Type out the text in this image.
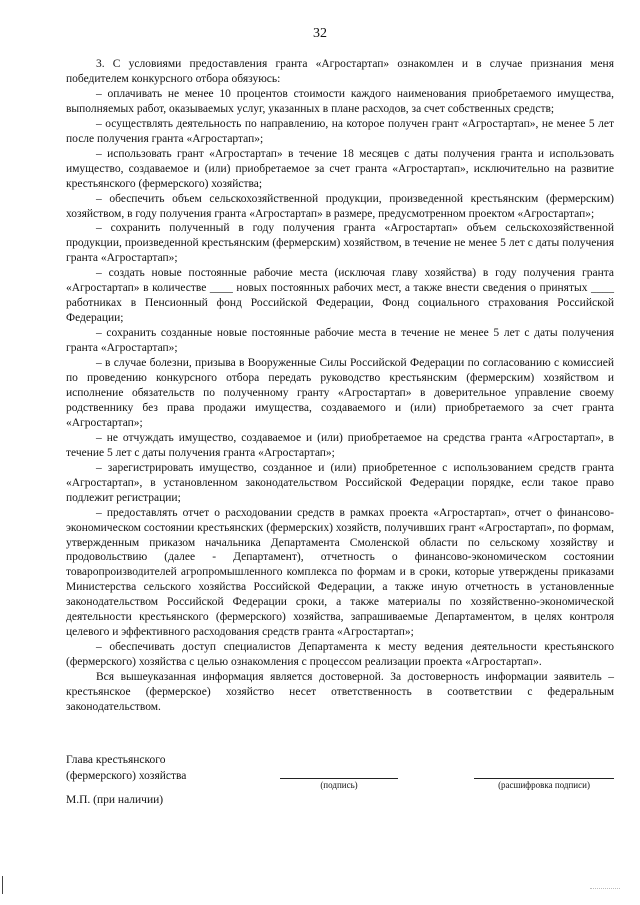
32

3. С условиями предоставления гранта «Агростартап» ознакомлен и в случае признания меня победителем конкурсного отбора обязуюсь:

– оплачивать не менее 10 процентов стоимости каждого наименования приобретаемого имущества, выполняемых работ, оказываемых услуг, указанных в плане расходов, за счет собственных средств;

– осуществлять деятельность по направлению, на которое получен грант «Агростартап», не менее 5 лет после получения гранта «Агростартап»;

– использовать грант «Агростартап» в течение 18 месяцев с даты получения гранта и использовать имущество, создаваемое и (или) приобретаемое за счет гранта «Агростартап», исключительно на развитие крестьянского (фермерского) хозяйства;

– обеспечить объем сельскохозяйственной продукции, произведенной крестьянским (фермерским) хозяйством, в году получения гранта «Агростартап» в размере, предусмотренном проектом «Агростартап»;

– сохранить полученный в году получения гранта «Агростартап» объем сельскохозяйственной продукции, произведенной крестьянским (фермерским) хозяйством, в течение не менее 5 лет с даты получения гранта «Агростартап»;

– создать новые постоянные рабочие места (исключая главу хозяйства) в году получения гранта «Агростартап» в количестве ____ новых постоянных рабочих мест, а также внести сведения о принятых ____ работниках в Пенсионный фонд Российской Федерации, Фонд социального страхования Российской Федерации;

– сохранить созданные новые постоянные рабочие места в течение не менее 5 лет с даты получения гранта «Агростартап»;

– в случае болезни, призыва в Вооруженные Силы Российской Федерации по согласованию с комиссией по проведению конкурсного отбора передать руководство крестьянским (фермерским) хозяйством и исполнение обязательств по полученному гранту «Агростартап» в доверительное управление своему родственнику без права продажи имущества, создаваемого и (или) приобретаемого за счет гранта «Агростартап»;

– не отчуждать имущество, создаваемое и (или) приобретаемое на средства гранта «Агростартап», в течение 5 лет с даты получения гранта «Агростартап»;

– зарегистрировать имущество, созданное и (или) приобретенное с использованием средств гранта «Агростартап», в установленном законодательством Российской Федерации порядке, если такое право подлежит регистрации;

– предоставлять отчет о расходовании средств в рамках проекта «Агростартап», отчет о финансово-экономическом состоянии крестьянских (фермерских) хозяйств, получивших грант «Агростартап», по формам, утвержденным приказом начальника Департамента Смоленской области по сельскому хозяйству и продовольствию (далее - Департамент), отчетность о финансово-экономическом состоянии товаропроизводителей агропромышленного комплекса по формам и в сроки, которые утверждены приказами Министерства сельского хозяйства Российской Федерации, а также иную отчетность в установленные законодательством Российской Федерации сроки, а также материалы по хозяйственно-экономической деятельности крестьянского (фермерского) хозяйства, запрашиваемые Департаментом, в целях контроля целевого и эффективного расходования средств гранта «Агростартап»;

– обеспечивать доступ специалистов Департамента к месту ведения деятельности крестьянского (фермерского) хозяйства с целью ознакомления с процессом реализации проекта «Агростартап».

Вся вышеуказанная информация является достоверной. За достоверность информации заявитель – крестьянское (фермерское) хозяйство несет ответственность в соответствии с федеральным законодательством.

Глава крестьянского
(фермерского) хозяйства
(подпись)	(расшифровка подписи)
М.П. (при наличии)
